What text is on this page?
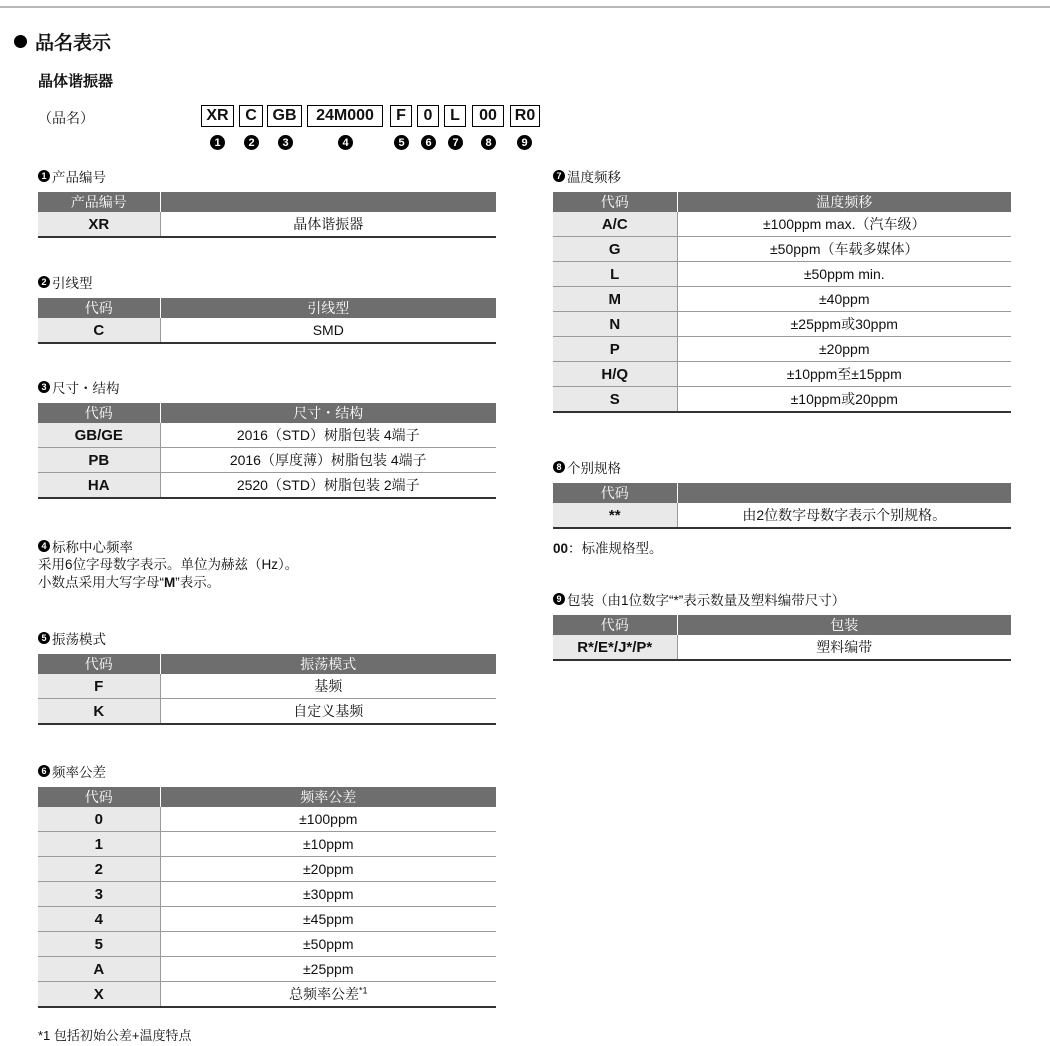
品名表示
晶体谐振器
（品名）	XR	C GB	24M000	F	0	L	00	R0
1	2	3	4	5	6	7	8	9
1 产品编号
产品编号	
XR	晶体谐振器
2 引线型
代码	引线型
C	SMD
3 尺寸・结构
代码	尺寸・结构
GB/GE	2016（STD）树脂包装 4端子
PB	2016（厚度薄）树脂包装 4端子
HA	2520（STD）树脂包装 2端子
4 标称中心频率
采用6位字母数字表示。单位为赫兹（Hz）。
小数点采用大写字母“M”表示。
5 振荡模式
代码	振荡模式
F	基频
K	自定义基频
6 频率公差
代码	频率公差
0	±100ppm
1	±10ppm
2	±20ppm
3	±30ppm
4	±45ppm
5	±50ppm
A	±25ppm
X	总频率公差$^{*1}$
*1 包括初始公差+温度特点
7 温度频移
代码	温度频移
A/C	±100ppm max.（汽车级）
G	±50ppm（车载多媒体）
L	±50ppm min.
M	±40ppm
N	±25ppm或30ppm
P	±20ppm
H/Q	±10ppm至±15ppm
S	±10ppm或20ppm
8 个别规格
代码	
**	由2位数字母数字表示个别规格。
00：标准规格型。
9 包装（由1位数字“*”表示数量及塑料编带尺寸）
代码	包装
R*/E*/J*/P*	塑料编带
